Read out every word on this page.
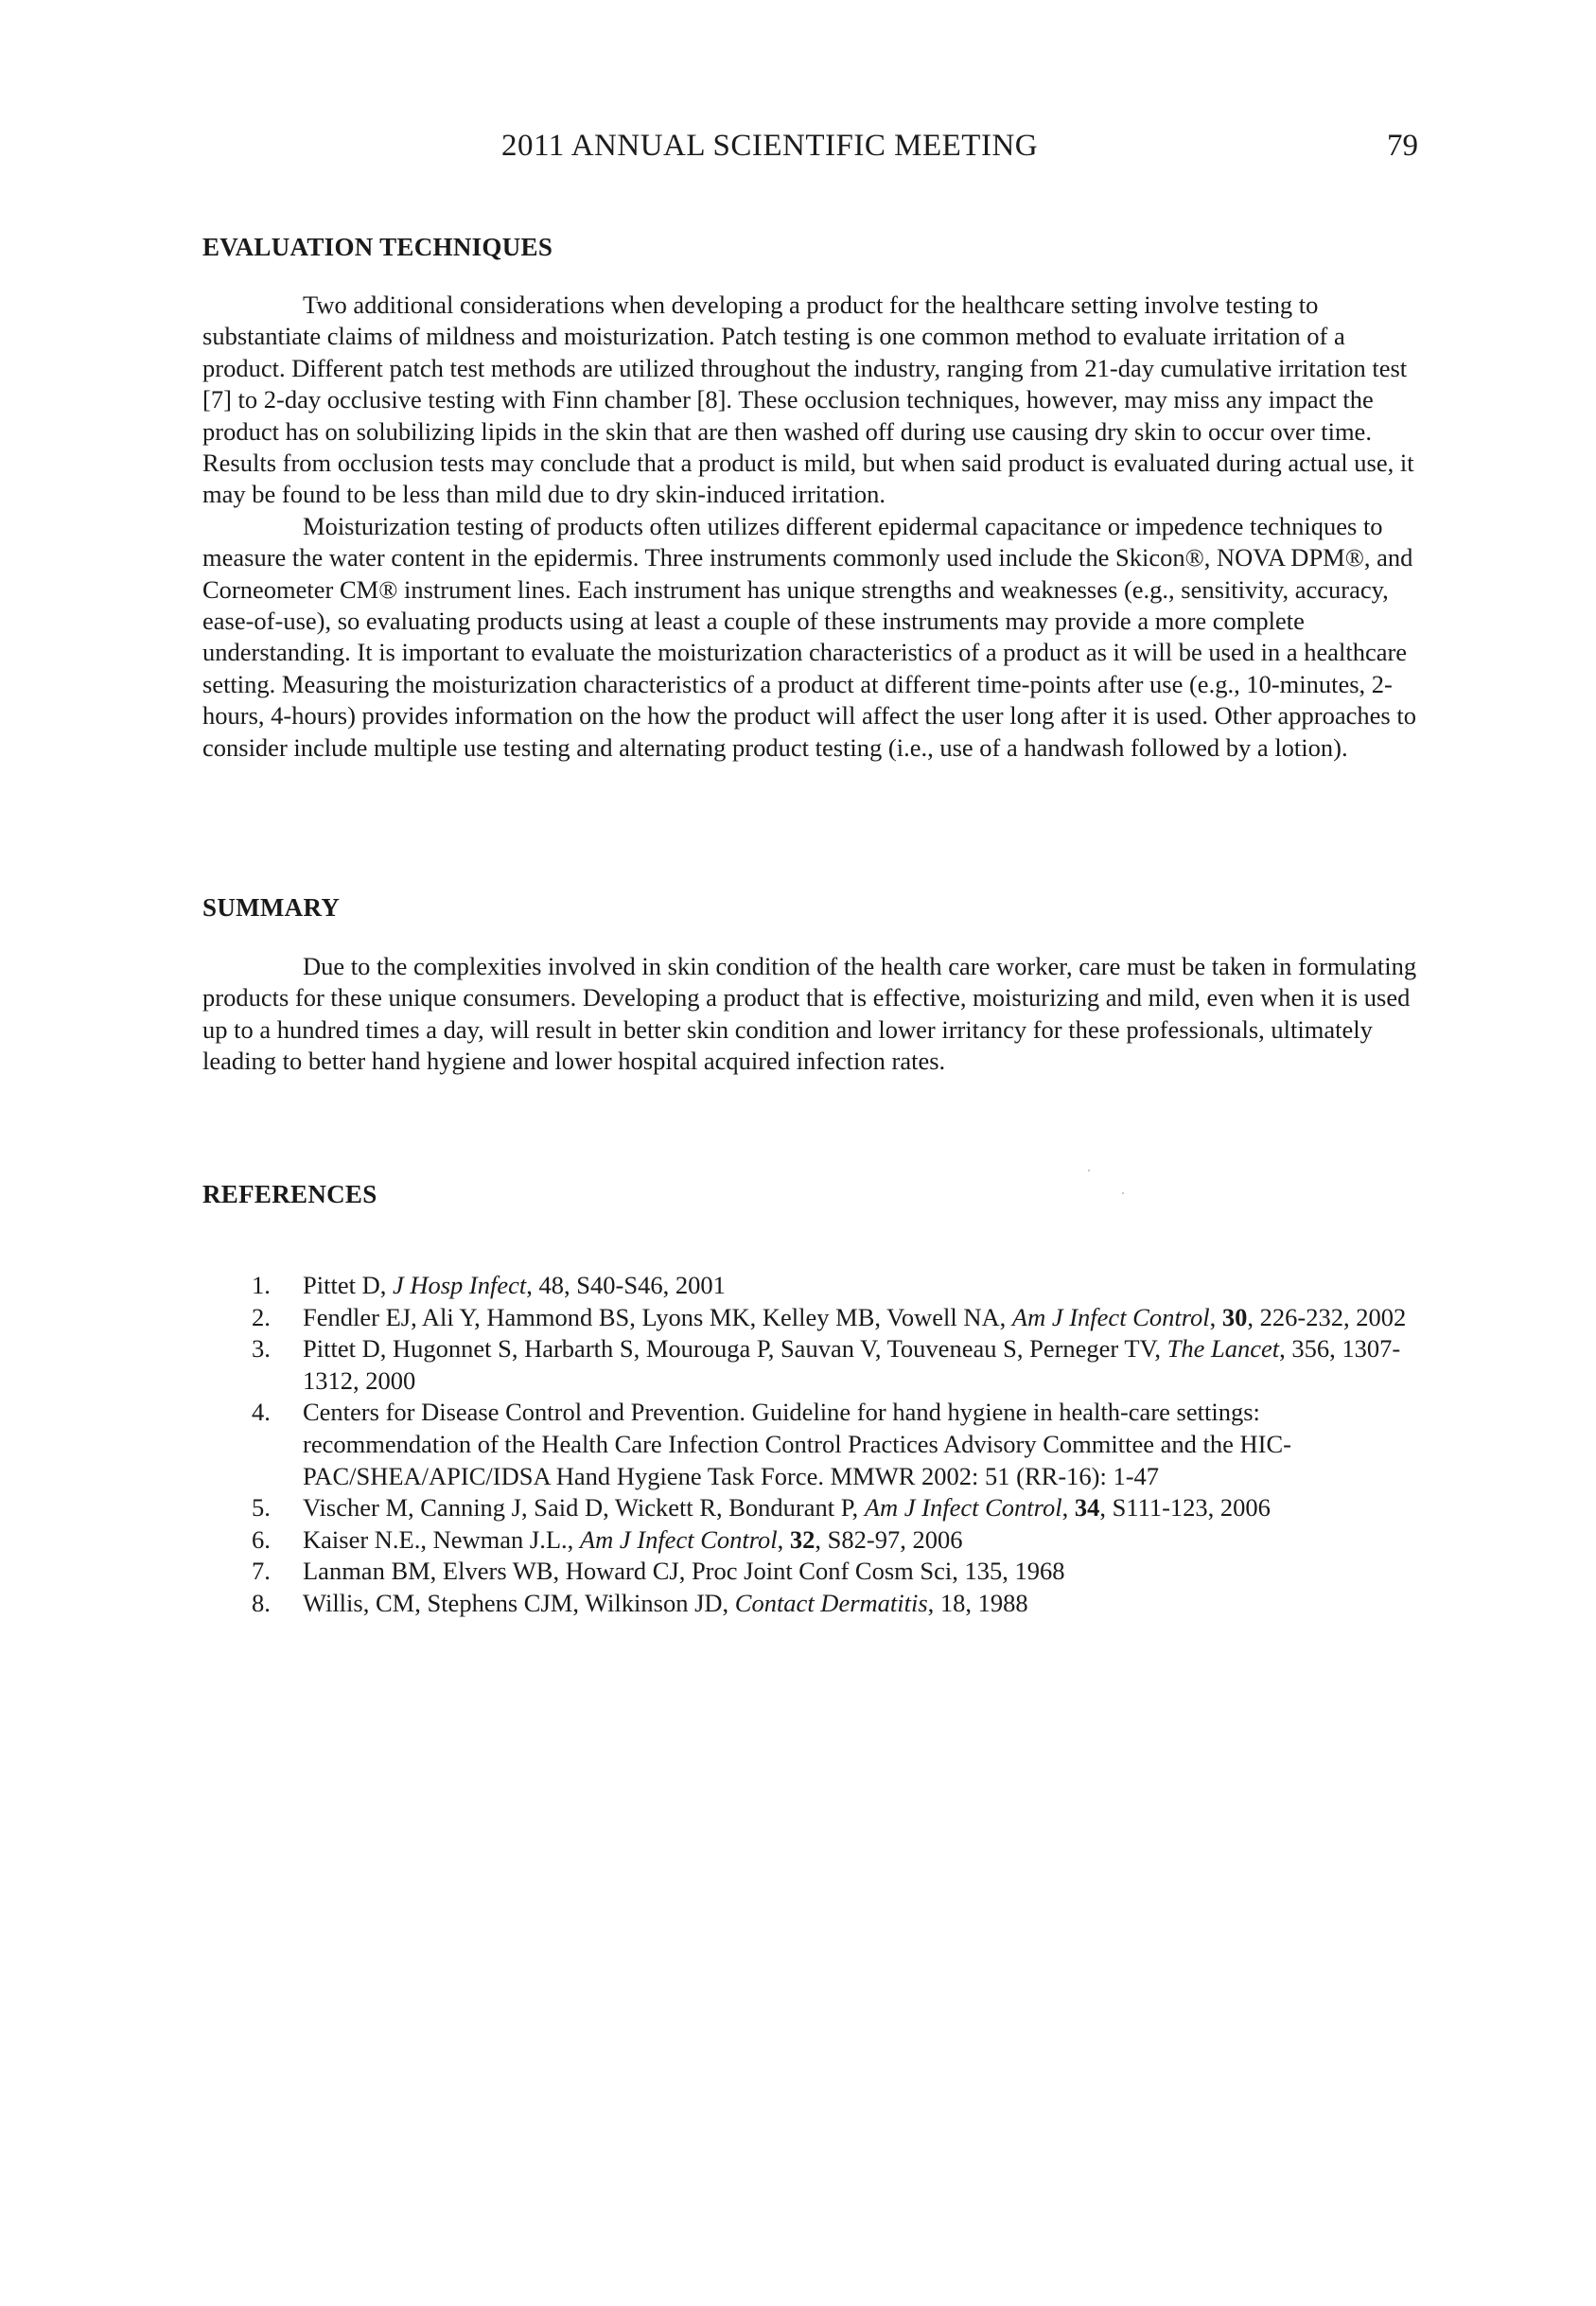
2011 ANNUAL SCIENTIFIC MEETING	79
EVALUATION TECHNIQUES

Two additional considerations when developing a product for the healthcare setting involve testing to substantiate claims of mildness and moisturization. Patch testing is one common method to evaluate irritation of a product. Different patch test methods are utilized throughout the industry, ranging from 21-day cumulative irritation test [7] to 2-day occlusive testing with Finn chamber [8]. These occlusion techniques, however, may miss any impact the product has on solubilizing lipids in the skin that are then washed off during use causing dry skin to occur over time. Results from occlusion tests may conclude that a product is mild, but when said product is evaluated during actual use, it may be found to be less than mild due to dry skin-induced irritation.

Moisturization testing of products often utilizes different epidermal capacitance or impedence techniques to measure the water content in the epidermis. Three instruments commonly used include the Skicon®, NOVA DPM®, and Corneometer CM® instrument lines. Each instrument has unique strengths and weaknesses (e.g., sensitivity, accuracy, ease-of-use), so evaluating products using at least a couple of these instruments may provide a more complete understanding. It is important to evaluate the moisturization characteristics of a product as it will be used in a healthcare setting. Measuring the moisturization characteristics of a product at different time-points after use (e.g., 10-minutes, 2-hours, 4-hours) provides information on the how the product will affect the user long after it is used. Other approaches to consider include multiple use testing and alternating product testing (i.e., use of a handwash followed by a lotion).

SUMMARY

Due to the complexities involved in skin condition of the health care worker, care must be taken in formulating products for these unique consumers. Developing a product that is effective, moisturizing and mild, even when it is used up to a hundred times a day, will result in better skin condition and lower irritancy for these professionals, ultimately leading to better hand hygiene and lower hospital acquired infection rates.

REFERENCES
1. Pittet D, J Hosp Infect, 48, S40-S46, 2001
2. Fendler EJ, Ali Y, Hammond BS, Lyons MK, Kelley MB, Vowell NA, Am J Infect Control, 30, 226-232, 2002
3. Pittet D, Hugonnet S, Harbarth S, Mourouga P, Sauvan V, Touveneau S, Perneger TV, The Lancet, 356, 1307-1312, 2000
4. Centers for Disease Control and Prevention. Guideline for hand hygiene in health-care settings: recommendation of the Health Care Infection Control Practices Advisory Committee and the HIC-PAC/SHEA/APIC/IDSA Hand Hygiene Task Force. MMWR 2002: 51 (RR-16): 1-47
5. Vischer M, Canning J, Said D, Wickett R, Bondurant P, Am J Infect Control, 34, S111-123, 2006
6. Kaiser N.E., Newman J.L., Am J Infect Control, 32, S82-97, 2006
7. Lanman BM, Elvers WB, Howard CJ, Proc Joint Conf Cosm Sci, 135, 1968
8. Willis, CM, Stephens CJM, Wilkinson JD, Contact Dermatitis, 18, 1988
